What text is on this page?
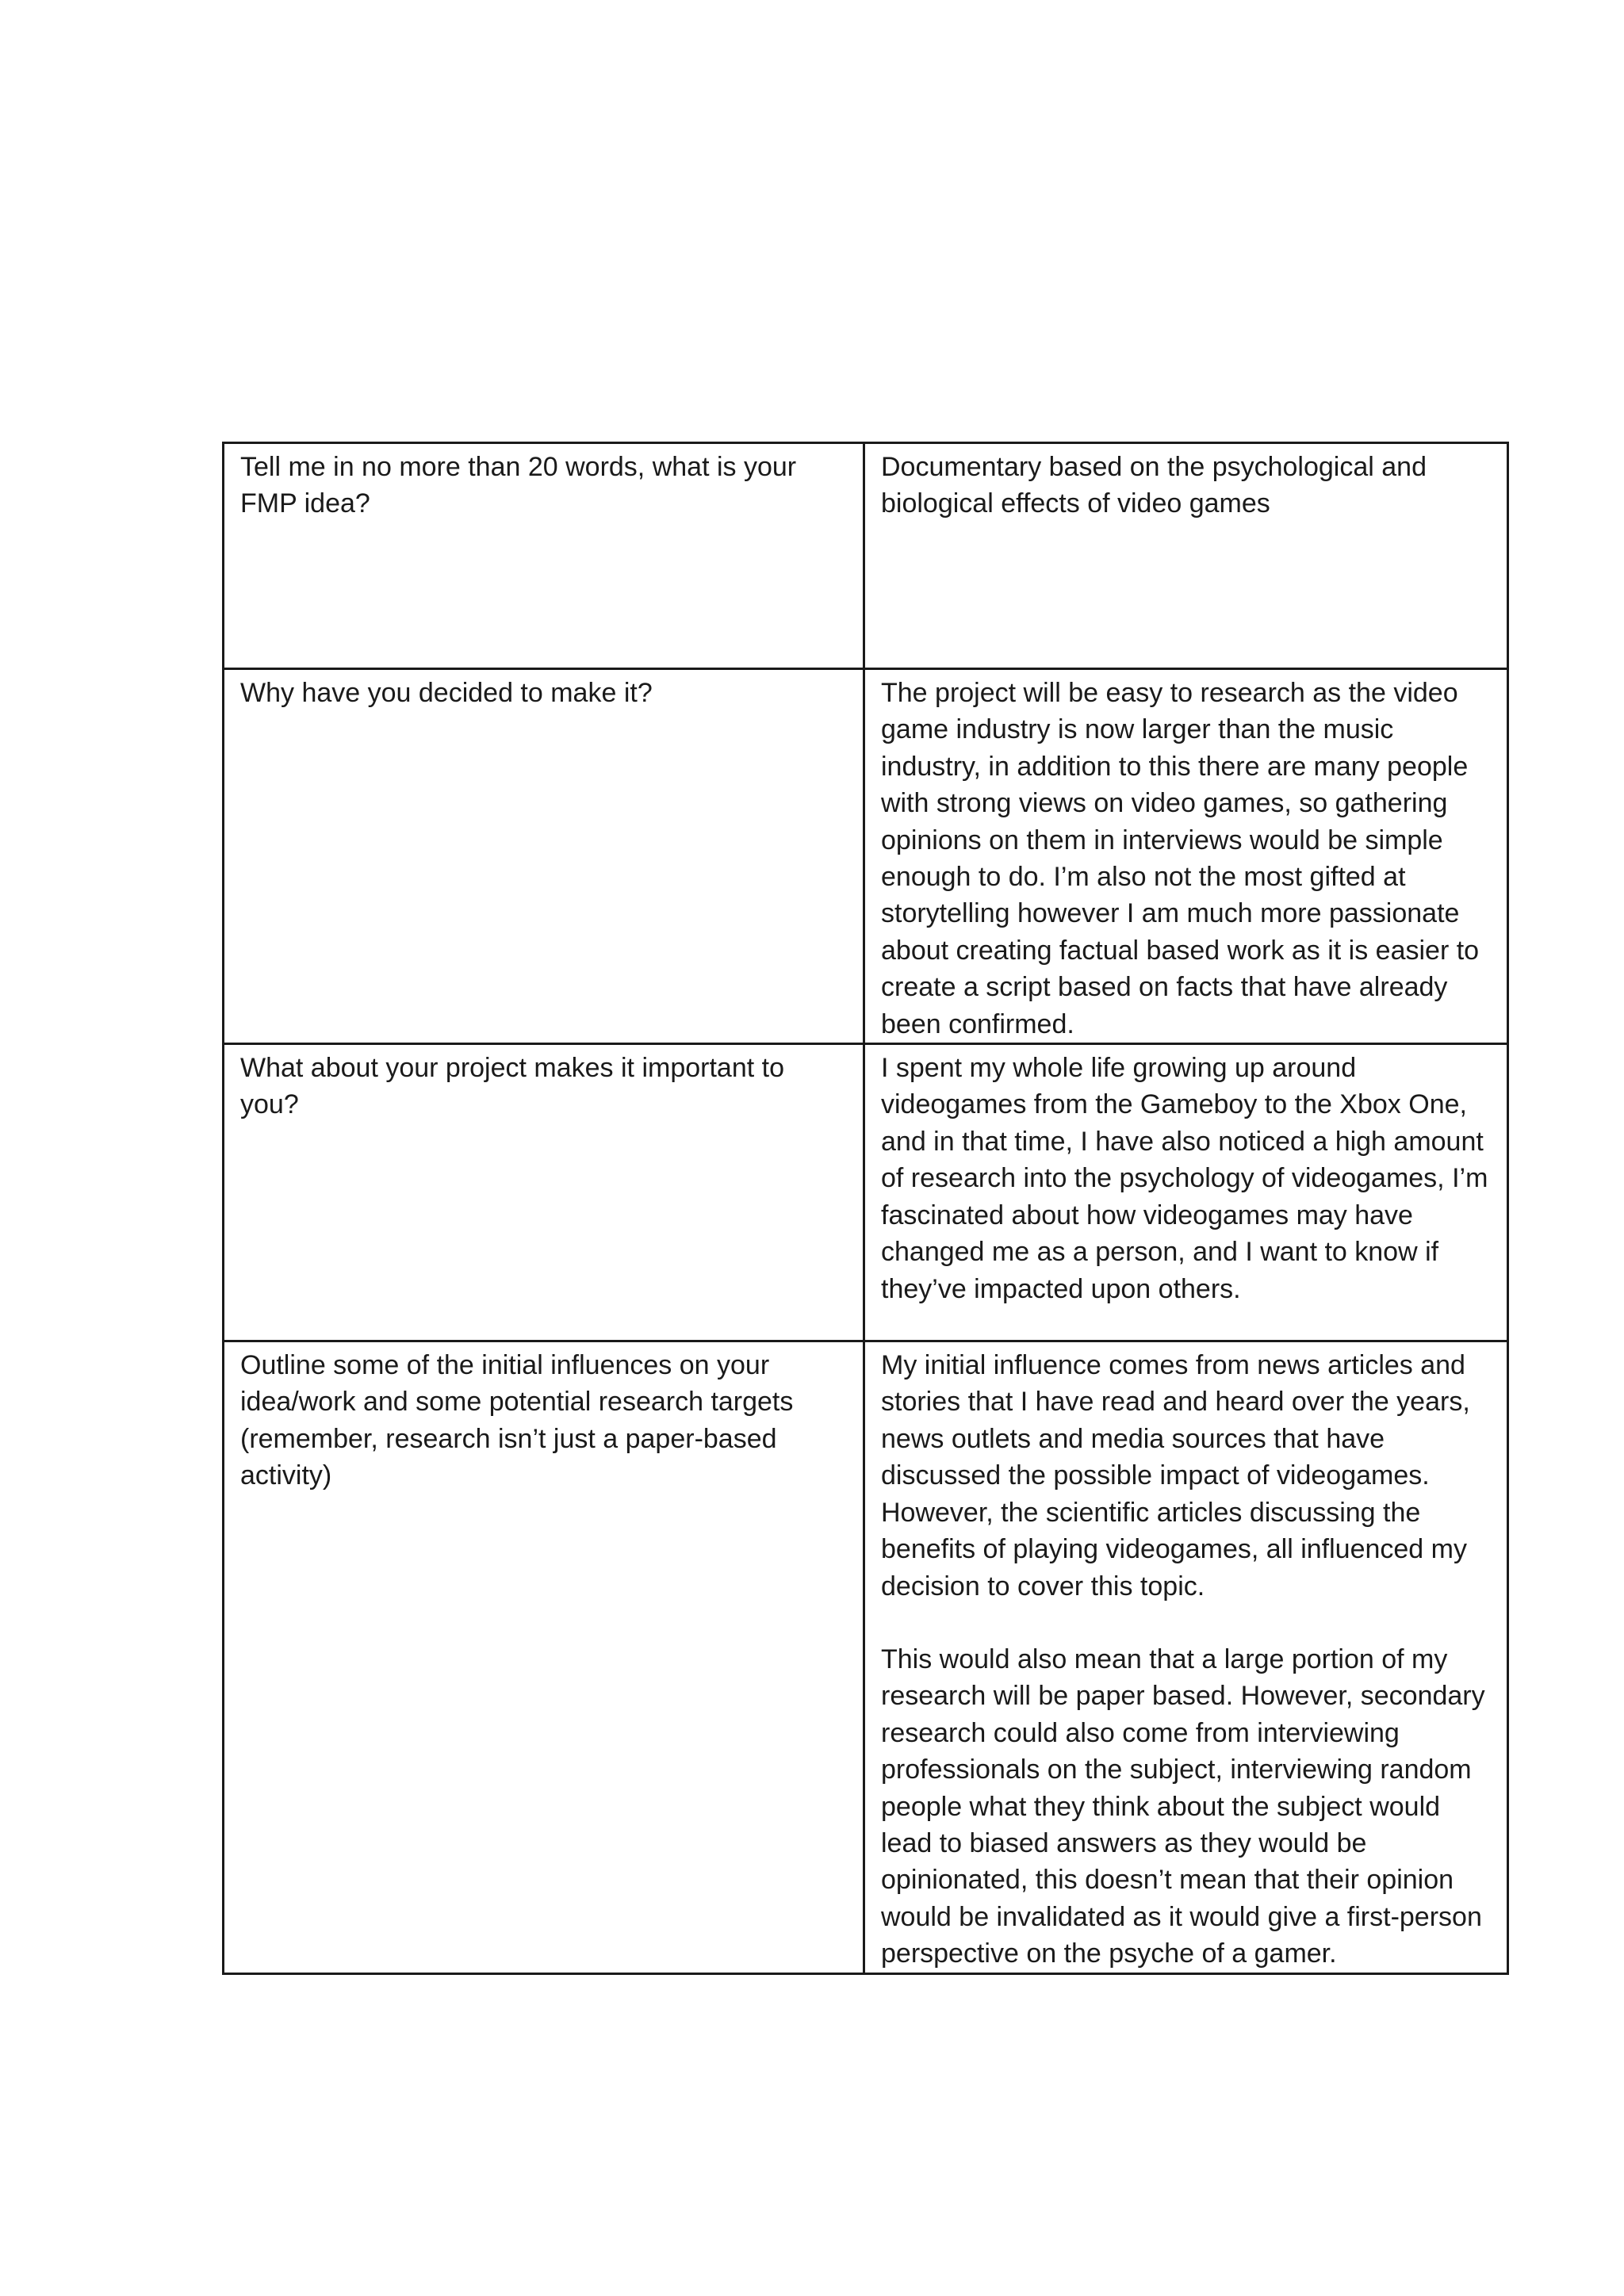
Tell me in no more than 20 words, what is your FMP idea?	Documentary based on the psychological and biological effects of video games

Why have you decided to make it?	The project will be easy to research as the video game industry is now larger than the music industry, in addition to this there are many people with strong views on video games, so gathering opinions on them in interviews would be simple enough to do. I’m also not the most gifted at storytelling however I am much more passionate about creating factual based work as it is easier to create a script based on facts that have already been confirmed.

What about your project makes it important to you?	I spent my whole life growing up around videogames from the Gameboy to the Xbox One, and in that time, I have also noticed a high amount of research into the psychology of videogames, I’m fascinated about how videogames may have changed me as a person, and I want to know if they’ve impacted upon others.

Outline some of the initial influences on your idea/work and some potential research targets (remember, research isn’t just a paper-based activity)	My initial influence comes from news articles and stories that I have read and heard over the years, news outlets and media sources that have discussed the possible impact of videogames. However, the scientific articles discussing the benefits of playing videogames, all influenced my decision to cover this topic.

This would also mean that a large portion of my research will be paper based. However, secondary research could also come from interviewing professionals on the subject, interviewing random people what they think about the subject would lead to biased answers as they would be opinionated, this doesn’t mean that their opinion would be invalidated as it would give a first-person perspective on the psyche of a gamer.
